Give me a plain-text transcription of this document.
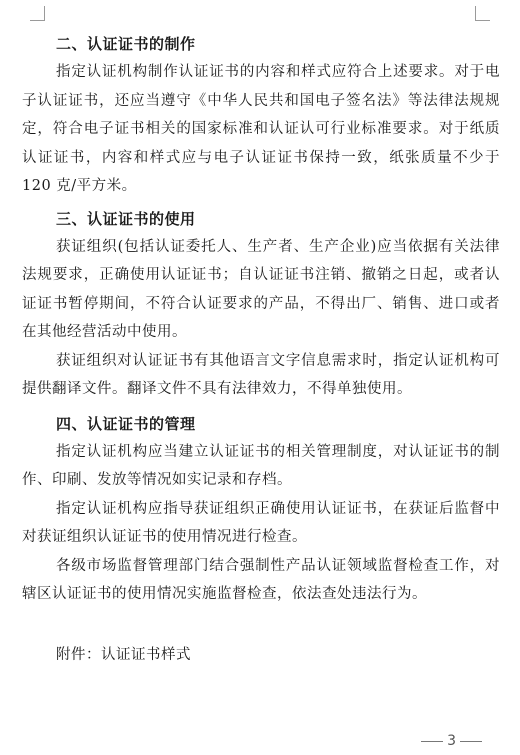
二、认证证书的制作

指定认证机构制作认证证书的内容和样式应符合上述要求。对于电子认证证书，还应当遵守《中华人民共和国电子签名法》等法律法规规定，符合电子证书相关的国家标准和认证认可行业标准要求。对于纸质认证证书，内容和样式应与电子认证证书保持一致，纸张质量不少于 120 克/平方米。

三、认证证书的使用

获证组织(包括认证委托人、生产者、生产企业)应当依据有关法律法规要求，正确使用认证证书；自认证证书注销、撤销之日起，或者认证证书暂停期间，不符合认证要求的产品，不得出厂、销售、进口或者在其他经营活动中使用。

获证组织对认证证书有其他语言文字信息需求时，指定认证机构可提供翻译文件。翻译文件不具有法律效力，不得单独使用。

四、认证证书的管理

指定认证机构应当建立认证证书的相关管理制度，对认证证书的制作、印刷、发放等情况如实记录和存档。

指定认证机构应指导获证组织正确使用认证证书，在获证后监督中对获证组织认证证书的使用情况进行检查。

各级市场监督管理部门结合强制性产品认证领域监督检查工作，对辖区认证证书的使用情况实施监督检查，依法查处违法行为。

附件：认证证书样式
3
